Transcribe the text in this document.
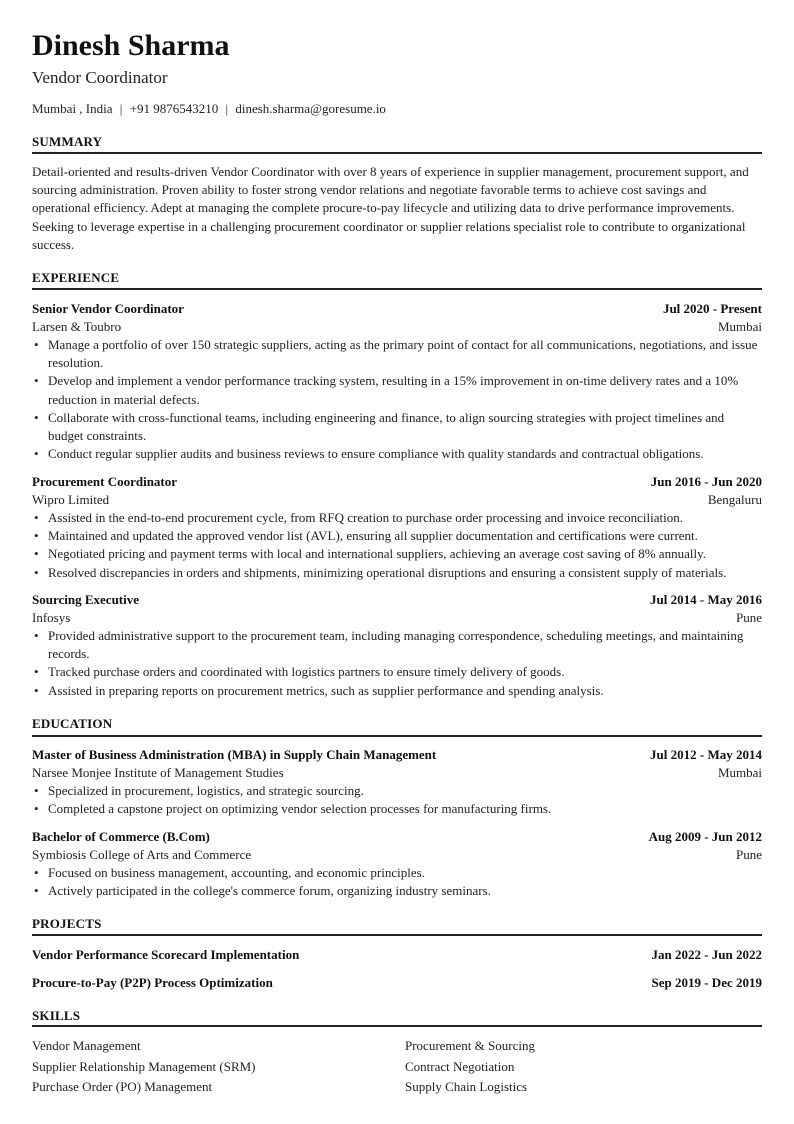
Dinesh Sharma
Vendor Coordinator
Mumbai , India | +91 9876543210 | dinesh.sharma@goresume.io
SUMMARY
Detail-oriented and results-driven Vendor Coordinator with over 8 years of experience in supplier management, procurement support, and sourcing administration. Proven ability to foster strong vendor relations and negotiate favorable terms to achieve cost savings and operational efficiency. Adept at managing the complete procure-to-pay lifecycle and utilizing data to drive performance improvements. Seeking to leverage expertise in a challenging procurement coordinator or supplier relations specialist role to contribute to organizational success.
EXPERIENCE
Senior Vendor Coordinator	Jul 2020 - Present
Larsen & Toubro	Mumbai
• Manage a portfolio of over 150 strategic suppliers, acting as the primary point of contact for all communications, negotiations, and issue resolution.
• Develop and implement a vendor performance tracking system, resulting in a 15% improvement in on-time delivery rates and a 10% reduction in material defects.
• Collaborate with cross-functional teams, including engineering and finance, to align sourcing strategies with project timelines and budget constraints.
• Conduct regular supplier audits and business reviews to ensure compliance with quality standards and contractual obligations.
Procurement Coordinator	Jun 2016 - Jun 2020
Wipro Limited	Bengaluru
• Assisted in the end-to-end procurement cycle, from RFQ creation to purchase order processing and invoice reconciliation.
• Maintained and updated the approved vendor list (AVL), ensuring all supplier documentation and certifications were current.
• Negotiated pricing and payment terms with local and international suppliers, achieving an average cost saving of 8% annually.
• Resolved discrepancies in orders and shipments, minimizing operational disruptions and ensuring a consistent supply of materials.
Sourcing Executive	Jul 2014 - May 2016
Infosys	Pune
• Provided administrative support to the procurement team, including managing correspondence, scheduling meetings, and maintaining records.
• Tracked purchase orders and coordinated with logistics partners to ensure timely delivery of goods.
• Assisted in preparing reports on procurement metrics, such as supplier performance and spending analysis.
EDUCATION
Master of Business Administration (MBA) in Supply Chain Management	Jul 2012 - May 2014
Narsee Monjee Institute of Management Studies	Mumbai
• Specialized in procurement, logistics, and strategic sourcing.
• Completed a capstone project on optimizing vendor selection processes for manufacturing firms.
Bachelor of Commerce (B.Com)	Aug 2009 - Jun 2012
Symbiosis College of Arts and Commerce	Pune
• Focused on business management, accounting, and economic principles.
• Actively participated in the college's commerce forum, organizing industry seminars.
PROJECTS
Vendor Performance Scorecard Implementation	Jan 2022 - Jun 2022
Procure-to-Pay (P2P) Process Optimization	Sep 2019 - Dec 2019
SKILLS
Vendor Management	Procurement & Sourcing
Supplier Relationship Management (SRM)	Contract Negotiation
Purchase Order (PO) Management	Supply Chain Logistics
